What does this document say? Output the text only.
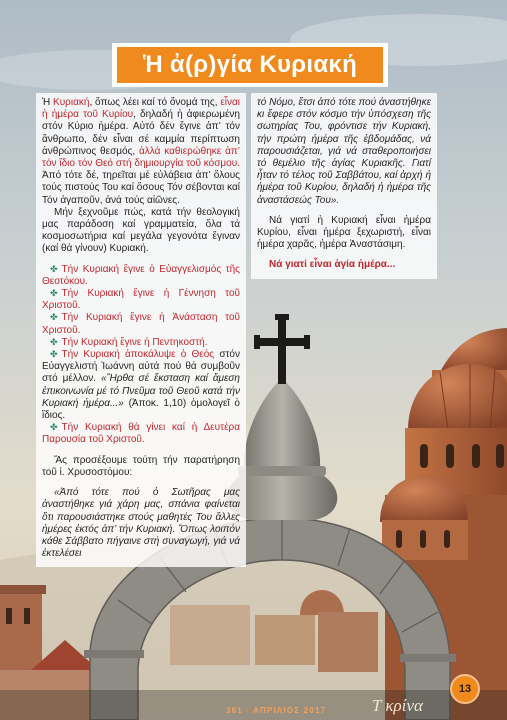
Ἡ ἀ(ρ)γία Κυριακή

Ἡ Κυριακή, ὅπως λέει καί τό ὄνομά της, εἶναι ἡ ἡμέρα τοῦ Κυρίου, δηλαδή ἡ ἀφιερωμένη στόν Κύριο ἡμέρα. Αὐτό δέν ἔγινε ἀπ’ τόν ἄνθρωπο, δέν εἶναι σέ καμμία περίπτωση ἀνθρώπινος θεσμός, ἀλλά καθιερώθηκε ἀπ’ τόν ἴδιο τόν Θεό στή δημιουργία τοῦ κόσμου. Ἀπό τότε δέ, τηρεῖται μέ εὐλάβεια ἀπ’ ὅλους τούς πιστούς Του καί ὅσους Τόν σέβονται καί Τόν ἀγαποῦν, ἀνά τούς αἰῶνες.

Μήν ξεχνοῦμε πώς, κατά τήν θεολογική μας παράδοση καί γραμματεία, ὅλα τά κοσμοσωτήρια καί μεγάλα γεγονότα ἔγιναν (καί θά γίνουν) Κυριακή.

✤ Τήν Κυριακή ἔγινε ὁ Εὐαγγελισμός τῆς Θεοτόκου.

✤ Τήν Κυριακή ἔγινε ἡ Γέννηση τοῦ Χριστοῦ.

✤ Τήν Κυριακή ἔγινε ἡ Ἀνάσταση τοῦ Χριστοῦ.

✤ Τήν Κυριακή ἔγινε ἡ Πεντηκοστή.

✤ Τήν Κυριακή ἀποκάλυψε ὁ Θεός στόν Εὐαγγελιστή Ἰωάννη αὐτά πού θά συμβοῦν στό μέλλον. «Ἤρθα σέ ἔκσταση καί ἄμεση ἐπικοινωνία μέ τό Πνεῦμα τοῦ Θεοῦ κατά τήν Κυριακή ἡμέρα...» (Ἀποκ. 1,10) ὁμολογεῖ ὁ ἴδιος.

✤ Τήν Κυριακή θά γίνει καί ἡ Δευτέρα Παρουσία τοῦ Χριστοῦ.

Ἄς προσέξουμε τούτη τήν παρατήρηση τοῦ ἱ. Χρυσοστόμου:

«Ἀπό τότε πού ὁ Σωτῆρας μας ἀναστήθηκε γιά χάρη μας, σπάνια φαίνεται ὅτι παρουσιάστηκε στούς μαθητές Του ἄλλες ἡμέρες ἐκτός ἀπ’ τήν Κυριακή. Ὅπως λοιπόν κάθε Σάββατο πήγαινε στή συναγωγή, γιά νά ἐκτελέσει

τό Νόμο, ἔτσι ἀπό τότε πού ἀναστήθηκε κι ἔφερε στόν κόσμο τήν ὑπόσχεση τῆς σωτηρίας Του, φρόντισε τήν Κυριακή, τήν πρώτη ἡμέρα τῆς ἑβδομάδας, νά παρουσιάζεται, γιά νά σταθεροποιήσει τό θεμέλιο τῆς ἁγίας Κυριακῆς. Γιατί ἦταν τό τέλος τοῦ Σαββάτου, καί ἀρχή ἡ ἡμέρα τοῦ Κυρίου, δηλαδή ἡ ἡμέρα τῆς ἀναστάσεώς Του».

Νά γιατί ἡ Κυριακή εἶναι ἡμέρα Κυρίου, εἶναι ἡμέρα ξεχωριστή, εἶναι ἡμέρα χαρᾶς, ἡμέρα Ἀναστάσιμη.

Νά γιατί εἶναι ἁγία ἡμέρα...

361 • ΑΠΡΙΛΙΟΣ 2017	Τ κρίνα
13
